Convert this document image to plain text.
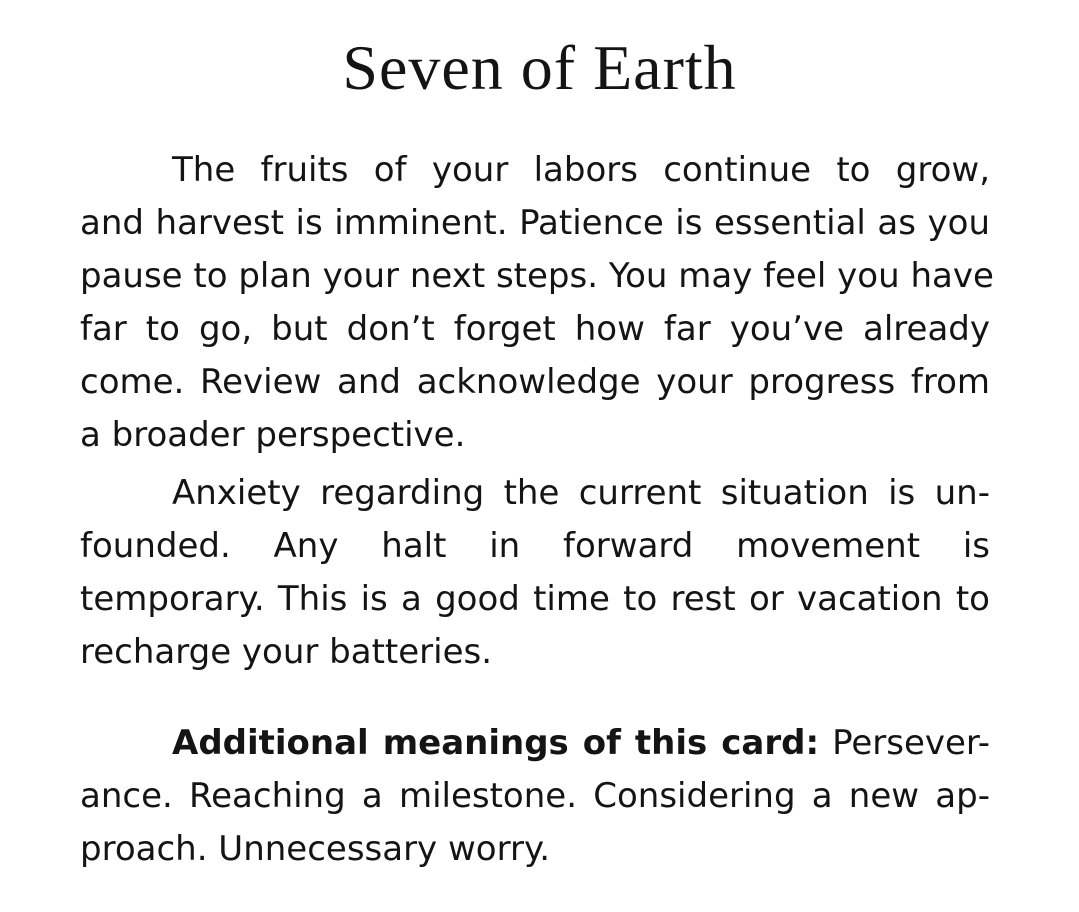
Seven of Earth
The fruits of your labors continue to grow,
and harvest is imminent. Patience is essential as you
pause to plan your next steps. You may feel you have
far to go, but don’t forget how far you’ve already
come. Review and acknowledge your progress from
a broader perspective.
Anxiety regarding the current situation is un-
founded. Any halt in forward movement is
temporary. This is a good time to rest or vacation to
recharge your batteries.
Additional meanings of this card: Persever-
ance. Reaching a milestone. Considering a new ap-
proach. Unnecessary worry.
